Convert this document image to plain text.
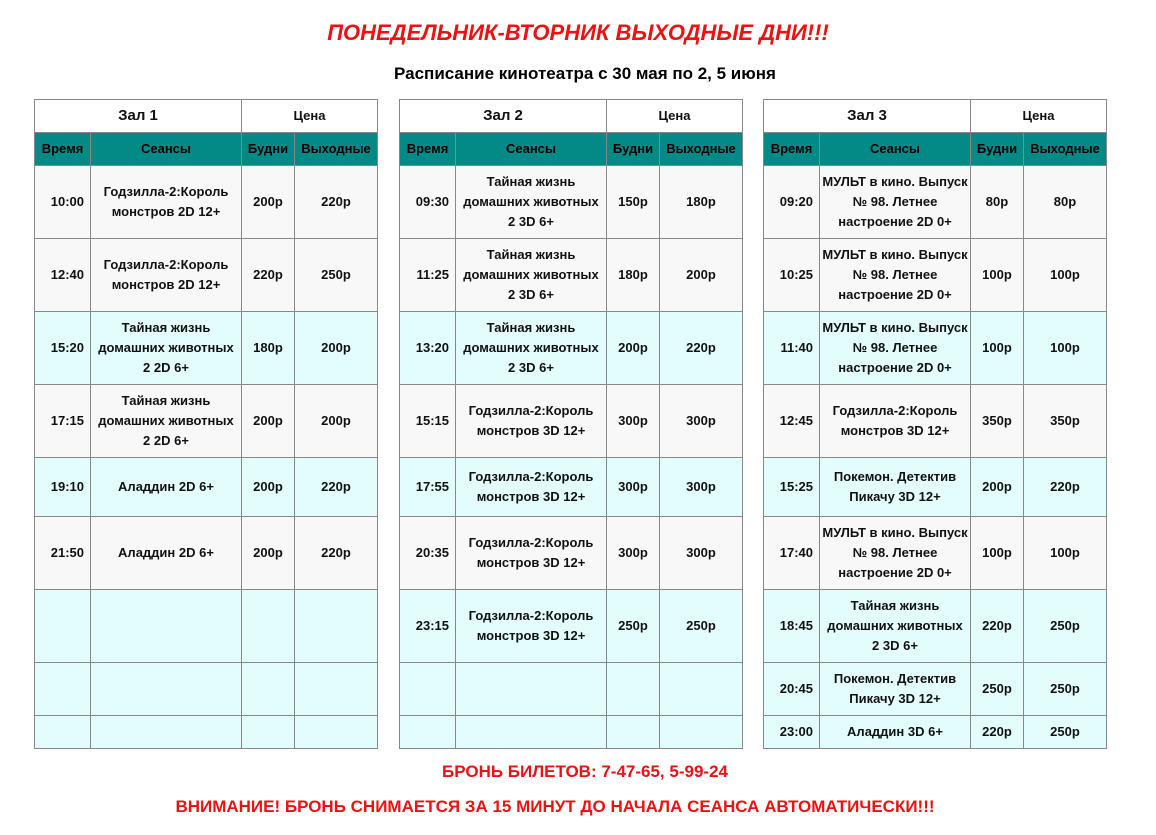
ПОНЕДЕЛЬНИК-ВТОРНИК ВЫХОДНЫЕ ДНИ!!!
Расписание кинотеатра с 30 мая по 2, 5 июня
Зал 1		Цена	
Время	Сеансы	Будни	Выходные
10:00	Годзилла-2:Король монстров 2D 12+	200р	220р
12:40	Годзилла-2:Король монстров 2D 12+	220р	250р
15:20	Тайная жизнь домашних животных 2 2D 6+	180р	200р
17:15	Тайная жизнь домашних животных 2 2D 6+	200р	200р
19:10	Аладдин 2D 6+	200р	220р
21:50	Аладдин 2D 6+	200р	220р

Зал 2		Цена	
Время	Сеансы	Будни	Выходные
09:30	Тайная жизнь домашних животных 2 3D 6+	150р	180р
11:25	Тайная жизнь домашних животных 2 3D 6+	180р	200р
13:20	Тайная жизнь домашних животных 2 3D 6+	200р	220р
15:15	Годзилла-2:Король монстров 3D 12+	300р	300р
17:55	Годзилла-2:Король монстров 3D 12+	300р	300р
20:35	Годзилла-2:Король монстров 3D 12+	300р	300р
23:15	Годзилла-2:Король монстров 3D 12+	250р	250р

Зал 3		Цена	
Время	Сеансы	Будни	Выходные
09:20	МУЛЬТ в кино. Выпуск № 98. Летнее настроение 2D 0+	80р	80р
10:25	МУЛЬТ в кино. Выпуск № 98. Летнее настроение 2D 0+	100р	100р
11:40	МУЛЬТ в кино. Выпуск № 98. Летнее настроение 2D 0+	100р	100р
12:45	Годзилла-2:Король монстров 3D 12+	350р	350р
15:25	Покемон. Детектив Пикачу 3D 12+	200р	220р
17:40	МУЛЬТ в кино. Выпуск № 98. Летнее настроение 2D 0+	100р	100р
18:45	Тайная жизнь домашних животных 2 3D 6+	220р	250р
20:45	Покемон. Детектив Пикачу 3D 12+	250р	250р
23:00	Аладдин 3D 6+	220р	250р
БРОНЬ БИЛЕТОВ: 7-47-65, 5-99-24
ВНИМАНИЕ! БРОНЬ СНИМАЕТСЯ ЗА 15 МИНУТ ДО НАЧАЛА СЕАНСА АВТОМАТИЧЕСКИ!!!
